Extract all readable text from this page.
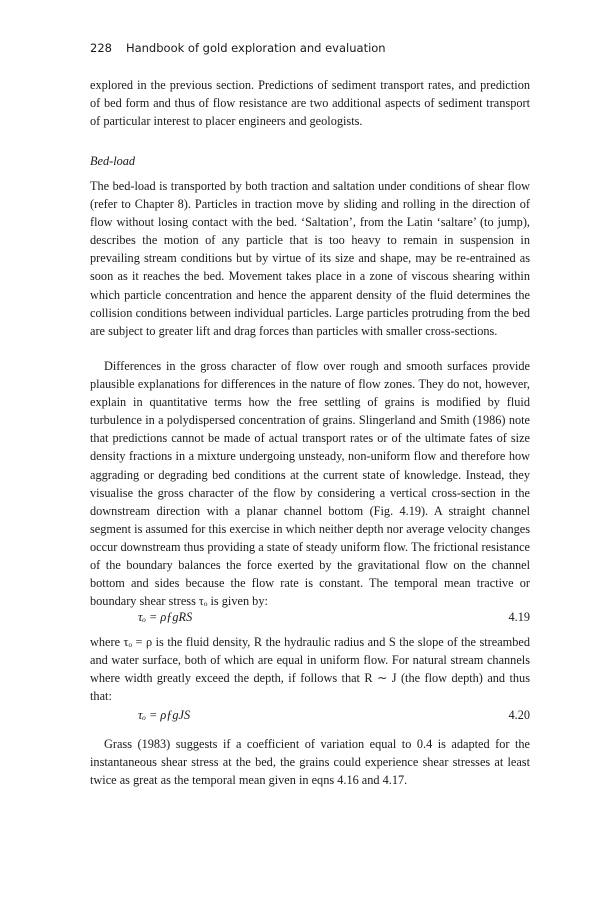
228 Handbook of gold exploration and evaluation

explored in the previous section. Predictions of sediment transport rates, and prediction of bed form and thus of flow resistance are two additional aspects of sediment transport of particular interest to placer engineers and geologists.

Bed-load

The bed-load is transported by both traction and saltation under conditions of shear flow (refer to Chapter 8). Particles in traction move by sliding and rolling in the direction of flow without losing contact with the bed. ‘Saltation’, from the Latin ‘saltare’ (to jump), describes the motion of any particle that is too heavy to remain in suspension in prevailing stream conditions but by virtue of its size and shape, may be re-entrained as soon as it reaches the bed. Movement takes place in a zone of viscous shearing within which particle concentration and hence the apparent density of the fluid determines the collision conditions between individual particles. Large particles protruding from the bed are subject to greater lift and drag forces than particles with smaller cross-sections.

Differences in the gross character of flow over rough and smooth surfaces provide plausible explanations for differences in the nature of flow zones. They do not, however, explain in quantitative terms how the free settling of grains is modified by fluid turbulence in a polydispersed concentration of grains. Slingerland and Smith (1986) note that predictions cannot be made of actual transport rates or of the ultimate fates of size density fractions in a mixture undergoing unsteady, non-uniform flow and therefore how aggrading or degrading bed conditions at the current state of knowledge. Instead, they visualise the gross character of the flow by considering a vertical cross-section in the downstream direction with a planar channel bottom (Fig. 4.19). A straight channel segment is assumed for this exercise in which neither depth nor average velocity changes occur downstream thus providing a state of steady uniform flow. The frictional resistance of the boundary balances the force exerted by the gravitational flow on the channel bottom and sides because the flow rate is constant. The temporal mean tractive or boundary shear stress τₒ is given by:

τₒ = ρƒgRS	4.19

where τₒ = ρ is the fluid density, R the hydraulic radius and S the slope of the streambed and water surface, both of which are equal in uniform flow. For natural stream channels where width greatly exceed the depth, if follows that R ∼ J (the flow depth) and thus that:

τₒ = ρƒgJS	4.20

Grass (1983) suggests if a coefficient of variation equal to 0.4 is adapted for the instantaneous shear stress at the bed, the grains could experience shear stresses at least twice as great as the temporal mean given in eqns 4.16 and 4.17.
